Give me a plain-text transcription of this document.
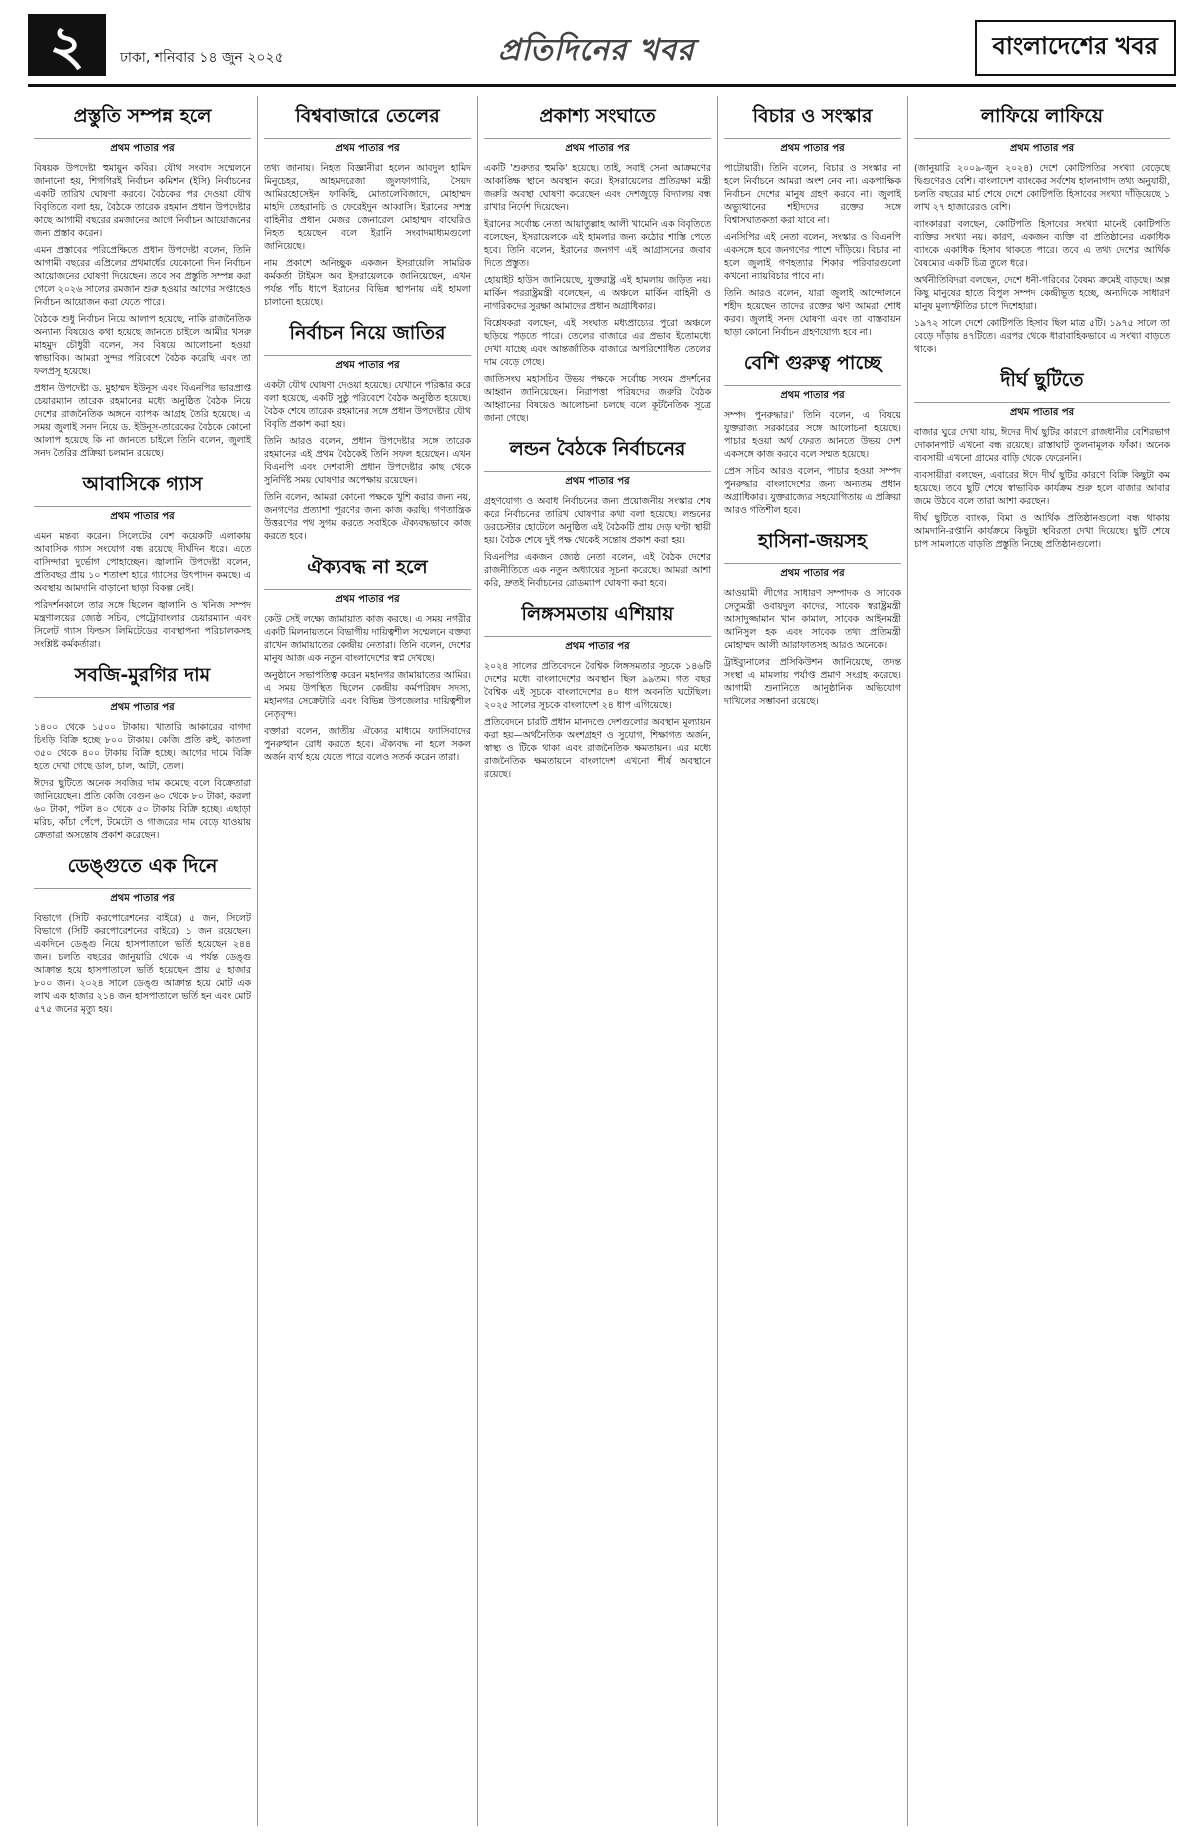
২	ঢাকা, শনিবার ১৪ জুন ২০২৫	প্রতিদিনের খবর	বাংলাদেশের খবর
প্রস্তুতি সম্পন্ন হলে
প্রথম পাতার পর

বিষয়ক উপদেষ্টা হুমায়ুন কবির। যৌথ সংবাদ সম্মেলনে জানানো হয়, শিগগিরই নির্বাচন কমিশন (ইসি) নির্বাচনের একটি তারিখ ঘোষণা করবে। বৈঠকের পর দেওয়া যৌথ বিবৃতিতে বলা হয়, বৈঠকে তারেক রহমান প্রধান উপদেষ্টার কাছে আগামী বছরের রমজানের আগে নির্বাচন আয়োজনের জন্য প্রস্তাব করেন।

এমন প্রস্তাবের পরিপ্রেক্ষিতে প্রধান উপদেষ্টা বলেন, তিনি আগামী বছরের এপ্রিলের প্রথমার্ধের যেকোনো দিন নির্বাচন আয়োজনের ঘোষণা দিয়েছেন। তবে সব প্রস্তুতি সম্পন্ন করা গেলে ২০২৬ সালের রমজান শুরু হওয়ার আগের সপ্তাহেও নির্বাচন আয়োজন করা যেতে পারে।

বৈঠকে শুধু নির্বাচন নিয়ে আলাপ হয়েছে, নাকি রাজনৈতিক অন্যান্য বিষয়েও কথা হয়েছে জানতে চাইলে আমীর খসরু মাহমুদ চৌধুরী বলেন, সব বিষয়ে আলোচনা হওয়া স্বাভাবিক। আমরা সুন্দর পরিবেশে বৈঠক করেছি এবং তা ফলপ্রসূ হয়েছে।

প্রধান উপদেষ্টা ড. মুহাম্মদ ইউনূস এবং বিএনপির ভারপ্রাপ্ত চেয়ারম্যান তারেক রহমানের মধ্যে অনুষ্ঠিত বৈঠক নিয়ে দেশের রাজনৈতিক অঙ্গনে ব্যাপক আগ্রহ তৈরি হয়েছে। এ সময় জুলাই সনদ নিয়ে ড. ইউনূস-তারেকের বৈঠকে কোনো আলাপ হয়েছে কি না জানতে চাইলে তিনি বলেন, জুলাই সনদ তৈরির প্রক্রিয়া চলমান রয়েছে।

আবাসিকে গ্যাস
প্রথম পাতার পর

এমন মন্তব্য করেন। সিলেটের বেশ কয়েকটি এলাকায় আবাসিক গ্যাস সংযোগ বন্ধ রয়েছে দীর্ঘদিন ধরে। এতে বাসিন্দারা দুর্ভোগ পোহাচ্ছেন। জ্বালানি উপদেষ্টা বলেন, প্রতিবছর প্রায় ১০ শতাংশ হারে গ্যাসের উৎপাদন কমছে। এ অবস্থায় আমদানি বাড়ানো ছাড়া বিকল্প নেই।

পরিদর্শনকালে তার সঙ্গে ছিলেন জ্বালানি ও খনিজ সম্পদ মন্ত্রণালয়ের জ্যেষ্ঠ সচিব, পেট্রোবাংলার চেয়ারম্যান এবং সিলেট গ্যাস ফিল্ডস লিমিটেডের ব্যবস্থাপনা পরিচালকসহ সংশ্লিষ্ট কর্মকর্তারা।

সবজি-মুরগির দাম
প্রথম পাতার পর

১৪০০ থেকে ১৫০০ টাকায়। খাতারি আকারের বাগদা চিংড়ি বিক্রি হচ্ছে ৮০০ টাকায়। কেজি প্রতি রুই, কাতলা ৩৫০ থেকে ৪০০ টাকায় বিক্রি হচ্ছে। আগের দামে বিক্রি হতে দেখা গেছে ডাল, চাল, আটা, তেল।

ঈদের ছুটিতে অনেক সবজির দাম কমেছে বলে বিক্রেতারা জানিয়েছেন। প্রতি কেজি বেগুন ৬০ থেকে ৮০ টাকা, করলা ৬০ টাকা, পটল ৪০ থেকে ৫০ টাকায় বিক্রি হচ্ছে। এছাড়া মরিচ, কাঁচা পেঁপে, টমেটো ও গাজরের দাম বেড়ে যাওয়ায় ক্রেতারা অসন্তোষ প্রকাশ করেছেন।

ডেঙ্গুতে এক দিনে
প্রথম পাতার পর

বিভাগে (সিটি করপোরেশনের বাইরে) ৫ জন, সিলেট বিভাগে (সিটি করপোরেশনের বাইরে) ১ জন রয়েছেন। একদিনে ডেঙ্গু নিয়ে হাসপাতালে ভর্তি হয়েছেন ২৪৪ জন। চলতি বছরের জানুয়ারি থেকে এ পর্যন্ত ডেঙ্গু আক্রান্ত হয়ে হাসপাতালে ভর্তি হয়েছেন প্রায় ৫ হাজার ৮০০ জন। ২০২৪ সালে ডেঙ্গু আক্রান্ত হয়ে মোট এক লাখ এক হাজার ২১৪ জন হাসপাতালে ভর্তি হন এবং মোট ৫৭৫ জনের মৃত্যু হয়।

বিশ্ববাজারে তেলের
প্রথম পাতার পর

তথ্য জানায়। নিহত বিজ্ঞানীরা হলেন আবদুল হামিদ মিনুচেহর, আহমদরেজা জুলফাগারি, সৈয়দ আমিরহোসেইন ফাকিহি, মোতালেবিজাদে, মোহাম্মদ মাহদি তেহরানচি ও ফেরেইদুন আব্বাসি। ইরানের সশস্ত্র বাহিনীর প্রধান মেজর জেনারেল মোহাম্মদ বাঘেরিও নিহত হয়েছেন বলে ইরানি সংবাদমাধ্যমগুলো জানিয়েছে।

নাম প্রকাশে অনিচ্ছুক একজন ইসরায়েলি সামরিক কর্মকর্তা টাইমস অব ইসরায়েলকে জানিয়েছেন, এখন পর্যন্ত পাঁচ ধাপে ইরানের বিভিন্ন স্থাপনায় এই হামলা চালানো হয়েছে।

নির্বাচন নিয়ে জাতির
প্রথম পাতার পর

একটা যৌথ ঘোষণা দেওয়া হয়েছে। যেখানে পরিষ্কার করে বলা হয়েছে, একটি সুষ্ঠু পরিবেশে বৈঠক অনুষ্ঠিত হয়েছে। বৈঠক শেষে তারেক রহমানের সঙ্গে প্রধান উপদেষ্টার যৌথ বিবৃতি প্রকাশ করা হয়।

তিনি আরও বলেন, প্রধান উপদেষ্টার সঙ্গে তারেক রহমানের এই প্রথম বৈঠকেই তিনি সফল হয়েছেন। এখন বিএনপি এবং দেশবাসী প্রধান উপদেষ্টার কাছ থেকে সুনির্দিষ্ট সময় ঘোষণার অপেক্ষায় রয়েছেন।

তিনি বলেন, আমরা কোনো পক্ষকে খুশি করার জন্য নয়, জনগণের প্রত্যাশা পূরণের জন্য কাজ করছি। গণতান্ত্রিক উত্তরণের পথ সুগম করতে সবাইকে ঐক্যবদ্ধভাবে কাজ করতে হবে।

ঐক্যবদ্ধ না হলে
প্রথম পাতার পর

কেউ সেই লক্ষ্যে জামায়াত কাজ করছে। এ সময় নগরীর একটি মিলনায়তনে বিভাগীয় দায়িত্বশীল সম্মেলনে বক্তব্য রাখেন জামায়াতের কেন্দ্রীয় নেতারা। তিনি বলেন, দেশের মানুষ আজ এক নতুন বাংলাদেশের স্বপ্ন দেখছে।

অনুষ্ঠানে সভাপতিত্ব করেন মহানগর জামায়াতের আমির। এ সময় উপস্থিত ছিলেন কেন্দ্রীয় কর্মপরিষদ সদস্য, মহানগর সেক্রেটারি এবং বিভিন্ন উপজেলার দায়িত্বশীল নেতৃবৃন্দ।

বক্তারা বলেন, জাতীয় ঐক্যের মাধ্যমে ফ্যাসিবাদের পুনরুত্থান রোধ করতে হবে। ঐক্যবদ্ধ না হলে সকল অর্জন ব্যর্থ হয়ে যেতে পারে বলেও সতর্ক করেন তারা।

প্রকাশ্য সংঘাতে
প্রথম পাতার পর

একটি 'শুরুতর হুমকি' হয়েছে। তাই, সবাই সেনা আক্রমণের আকাঙ্ক্ষি স্থানে অবস্থান করে। ইসরায়েলের প্রতিরক্ষা মন্ত্রী জরুরি অবস্থা ঘোষণা করেছেন এবং দেশজুড়ে বিদ্যালয় বন্ধ রাখার নির্দেশ দিয়েছেন।

ইরানের সর্বোচ্চ নেতা আয়াতুল্লাহ আলী খামেনি এক বিবৃতিতে বলেছেন, ইসরায়েলকে এই হামলার জন্য কঠোর শাস্তি পেতে হবে। তিনি বলেন, ইরানের জনগণ এই আগ্রাসনের জবাব দিতে প্রস্তুত।

হোয়াইট হাউস জানিয়েছে, যুক্তরাষ্ট্র এই হামলায় জড়িত নয়। মার্কিন পররাষ্ট্রমন্ত্রী বলেছেন, এ অঞ্চলে মার্কিন বাহিনী ও নাগরিকদের সুরক্ষা আমাদের প্রধান অগ্রাধিকার।

বিশ্লেষকরা বলছেন, এই সংঘাত মধ্যপ্রাচ্যের পুরো অঞ্চলে ছড়িয়ে পড়তে পারে। তেলের বাজারে এর প্রভাব ইতোমধ্যে দেখা যাচ্ছে এবং আন্তর্জাতিক বাজারে অপরিশোধিত তেলের দাম বেড়ে গেছে।

জাতিসংঘ মহাসচিব উভয় পক্ষকে সর্বোচ্চ সংযম প্রদর্শনের আহ্বান জানিয়েছেন। নিরাপত্তা পরিষদের জরুরি বৈঠক আহ্বানের বিষয়েও আলোচনা চলছে বলে কূটনৈতিক সূত্রে জানা গেছে।

লন্ডন বৈঠকে নির্বাচনের
প্রথম পাতার পর

গ্রহণযোগ্য ও অবাধ নির্বাচনের জন্য প্রয়োজনীয় সংস্কার শেষ করে নির্বাচনের তারিখ ঘোষণার কথা বলা হয়েছে। লন্ডনের ডরচেস্টার হোটেলে অনুষ্ঠিত এই বৈঠকটি প্রায় দেড় ঘণ্টা স্থায়ী হয়। বৈঠক শেষে দুই পক্ষ থেকেই সন্তোষ প্রকাশ করা হয়।

বিএনপির একজন জ্যেষ্ঠ নেতা বলেন, এই বৈঠক দেশের রাজনীতিতে এক নতুন অধ্যায়ের সূচনা করেছে। আমরা আশা করি, দ্রুতই নির্বাচনের রোডম্যাপ ঘোষণা করা হবে।

লিঙ্গসমতায় এশিয়ায়
প্রথম পাতার পর

২০২৪ সালের প্রতিবেদনে বৈশ্বিক লিঙ্গসমতার সূচকে ১৪৬টি দেশের মধ্যে বাংলাদেশের অবস্থান ছিল ৯৯তম। গত বছর বৈশ্বিক এই সূচকে বাংলাদেশের ৪০ ধাপ অবনতি ঘটেছিল। ২০২৫ সালের সূচকে বাংলাদেশ ২৪ ধাপ এগিয়েছে।

প্রতিবেদনে চারটি প্রধান মানদণ্ডে দেশগুলোর অবস্থান মূল্যায়ন করা হয়—অর্থনৈতিক অংশগ্রহণ ও সুযোগ, শিক্ষাগত অর্জন, স্বাস্থ্য ও টিকে থাকা এবং রাজনৈতিক ক্ষমতায়ন। এর মধ্যে রাজনৈতিক ক্ষমতায়নে বাংলাদেশ এখনো শীর্ষ অবস্থানে রয়েছে।

বিচার ও সংস্কার
প্রথম পাতার পর

পাটোয়ারী। তিনি বলেন, বিচার ও সংস্কার না হলে নির্বাচনে আমরা অংশ নেব না। একপাক্ষিক নির্বাচন দেশের মানুষ গ্রহণ করবে না। জুলাই অভ্যুত্থানের শহীদদের রক্তের সঙ্গে বিশ্বাসঘাতকতা করা যাবে না।

এনসিপির এই নেতা বলেন, সংস্কার ও বিএনপি একসঙ্গে হবে জনগণের পাশে দাঁড়িয়ে। বিচার না হলে জুলাই গণহত্যার শিকার পরিবারগুলো কখনো ন্যায়বিচার পাবে না।

তিনি আরও বলেন, যারা জুলাই আন্দোলনে শহীদ হয়েছেন তাদের রক্তের ঋণ আমরা শোধ করব। জুলাই সনদ ঘোষণা এবং তা বাস্তবায়ন ছাড়া কোনো নির্বাচন গ্রহণযোগ্য হবে না।

বেশি গুরুত্ব পাচ্ছে
প্রথম পাতার পর

সম্পদ পুনরুদ্ধার।' তিনি বলেন, এ বিষয়ে যুক্তরাজ্য সরকারের সঙ্গে আলোচনা হয়েছে। পাচার হওয়া অর্থ ফেরত আনতে উভয় দেশ একসঙ্গে কাজ করবে বলে সম্মত হয়েছে।

প্রেস সচিব আরও বলেন, পাচার হওয়া সম্পদ পুনরুদ্ধার বাংলাদেশের জন্য অন্যতম প্রধান অগ্রাধিকার। যুক্তরাজ্যের সহযোগিতায় এ প্রক্রিয়া আরও গতিশীল হবে।

হাসিনা-জয়সহ
প্রথম পাতার পর

আওয়ামী লীগের সাধারণ সম্পাদক ও সাবেক সেতুমন্ত্রী ওবায়দুল কাদের, সাবেক স্বরাষ্ট্রমন্ত্রী আসাদুজ্জামান খান কামাল, সাবেক আইনমন্ত্রী আনিসুল হক এবং সাবেক তথ্য প্রতিমন্ত্রী মোহাম্মদ আলী আরাফাতসহ আরও অনেকে।

ট্রাইব্যুনালের প্রসিকিউশন জানিয়েছে, তদন্ত সংস্থা এ মামলায় পর্যাপ্ত প্রমাণ সংগ্রহ করেছে। আগামী শুনানিতে আনুষ্ঠানিক অভিযোগ দাখিলের সম্ভাবনা রয়েছে।

লাফিয়ে লাফিয়ে
প্রথম পাতার পর

(জানুয়ারি ২০০৯-জুন ২০২৪) দেশে কোটিপতির সংখ্যা বেড়েছে দ্বিগুণেরও বেশি। বাংলাদেশ ব্যাংকের সর্বশেষ হালনাগাদ তথ্য অনুযায়ী, চলতি বছরের মার্চ শেষে দেশে কোটিপতি হিসাবের সংখ্যা দাঁড়িয়েছে ১ লাখ ২৭ হাজারেরও বেশি।

ব্যাংকাররা বলছেন, কোটিপতি হিসাবের সংখ্যা মানেই কোটিপতি ব্যক্তির সংখ্যা নয়। কারণ, একজন ব্যক্তি বা প্রতিষ্ঠানের একাধিক ব্যাংকে একাধিক হিসাব থাকতে পারে। তবে এ তথ্য দেশের আর্থিক বৈষম্যের একটি চিত্র তুলে ধরে।

অর্থনীতিবিদরা বলছেন, দেশে ধনী-গরিবের বৈষম্য ক্রমেই বাড়ছে। অল্প কিছু মানুষের হাতে বিপুল সম্পদ কেন্দ্রীভূত হচ্ছে, অন্যদিকে সাধারণ মানুষ মূল্যস্ফীতির চাপে দিশেহারা।

১৯৭২ সালে দেশে কোটিপতি হিসাব ছিল মাত্র ৫টি। ১৯৭৫ সালে তা বেড়ে দাঁড়ায় ৪৭টিতে। এরপর থেকে ধারাবাহিকভাবে এ সংখ্যা বাড়তে থাকে।

দীর্ঘ ছুটিতে
প্রথম পাতার পর

বাজার ঘুরে দেখা যায়, ঈদের দীর্ঘ ছুটির কারণে রাজধানীর বেশিরভাগ দোকানপাট এখনো বন্ধ রয়েছে। রাস্তাঘাট তুলনামূলক ফাঁকা। অনেক ব্যবসায়ী এখনো গ্রামের বাড়ি থেকে ফেরেননি।

ব্যবসায়ীরা বলছেন, এবারের ঈদে দীর্ঘ ছুটির কারণে বিক্রি কিছুটা কম হয়েছে। তবে ছুটি শেষে স্বাভাবিক কার্যক্রম শুরু হলে বাজার আবার জমে উঠবে বলে তারা আশা করছেন।

দীর্ঘ ছুটিতে ব্যাংক, বিমা ও আর্থিক প্রতিষ্ঠানগুলো বন্ধ থাকায় আমদানি-রপ্তানি কার্যক্রমে কিছুটা স্থবিরতা দেখা দিয়েছে। ছুটি শেষে চাপ সামলাতে বাড়তি প্রস্তুতি নিচ্ছে প্রতিষ্ঠানগুলো।
